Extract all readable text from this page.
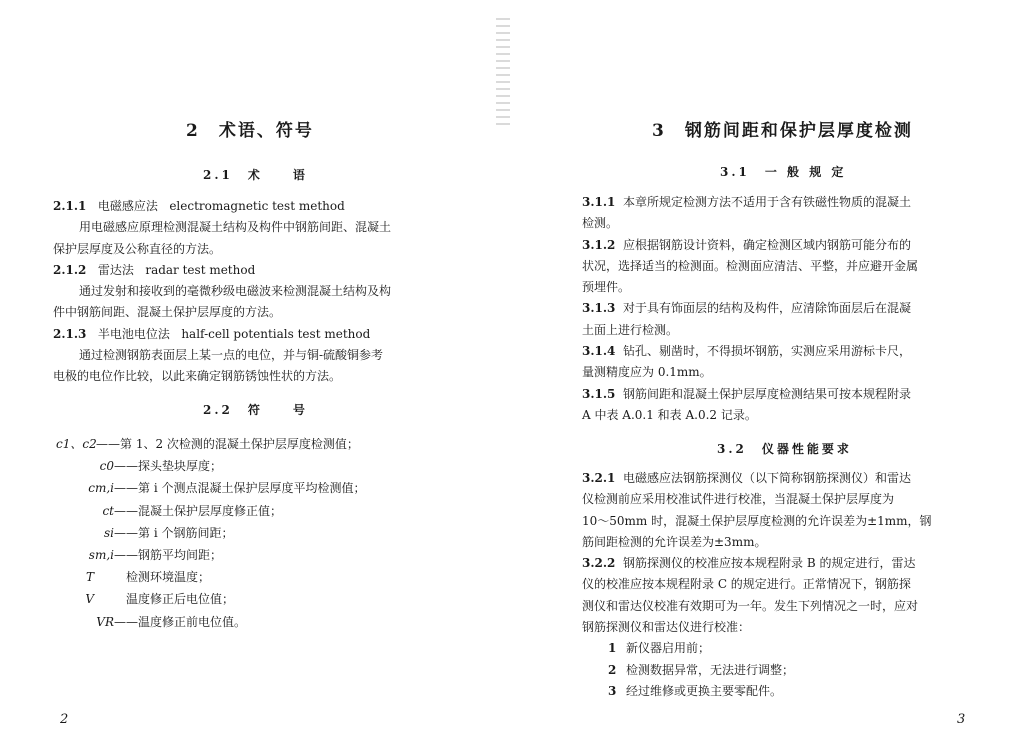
2　术语、符号
2.1　术　　语

2.1.1 电磁感应法 electromagnetic test method

用电磁感应原理检测混凝土结构及构件中钢筋间距、混凝土

保护层厚度及公称直径的方法。

2.1.2 雷达法 radar test method

通过发射和接收到的毫微秒级电磁波来检测混凝土结构及构

件中钢筋间距、混凝土保护层厚度的方法。

2.1.3 半电池电位法 half-cell potentials test method

通过检测钢筋表面层上某一点的电位，并与铜-硫酸铜参考

电极的电位作比较，以此来确定钢筋锈蚀性状的方法。

2.2　符　　号

c1、c2——第 1、2 次检测的混凝土保护层厚度检测值；

c0——探头垫块厚度；

cm,i——第 i 个测点混凝土保护层厚度平均检测值；

ct——混凝土保护层厚度修正值；

si——第 i 个钢筋间距；

sm,i——钢筋平均间距；

T　检测环境温度；

V　温度修正后电位值；

VR——温度修正前电位值。

2
3　钢筋间距和保护层厚度检测
3.1　一 般 规 定

3.1.1 本章所规定检测方法不适用于含有铁磁性物质的混凝土

检测。

3.1.2 应根据钢筋设计资料，确定检测区域内钢筋可能分布的

状况，选择适当的检测面。检测面应清洁、平整，并应避开金属

预埋件。

3.1.3 对于具有饰面层的结构及构件，应清除饰面层后在混凝

土面上进行检测。

3.1.4 钻孔、剔凿时，不得损坏钢筋，实测应采用游标卡尺，

量测精度应为 0.1mm。

3.1.5 钢筋间距和混凝土保护层厚度检测结果可按本规程附录

A 中表 A.0.1 和表 A.0.2 记录。

3.2　仪器性能要求

3.2.1 电磁感应法钢筋探测仪（以下简称钢筋探测仪）和雷达

仪检测前应采用校准试件进行校准，当混凝土保护层厚度为

10～50mm 时，混凝土保护层厚度检测的允许误差为±1mm，钢

筋间距检测的允许误差为±3mm。

3.2.2 钢筋探测仪的校准应按本规程附录 B 的规定进行，雷达

仪的校准应按本规程附录 C 的规定进行。正常情况下，钢筋探

测仪和雷达仪校准有效期可为一年。发生下列情况之一时，应对

钢筋探测仪和雷达仪进行校准：

1 新仪器启用前；

2 检测数据异常，无法进行调整；

3 经过维修或更换主要零配件。

3
